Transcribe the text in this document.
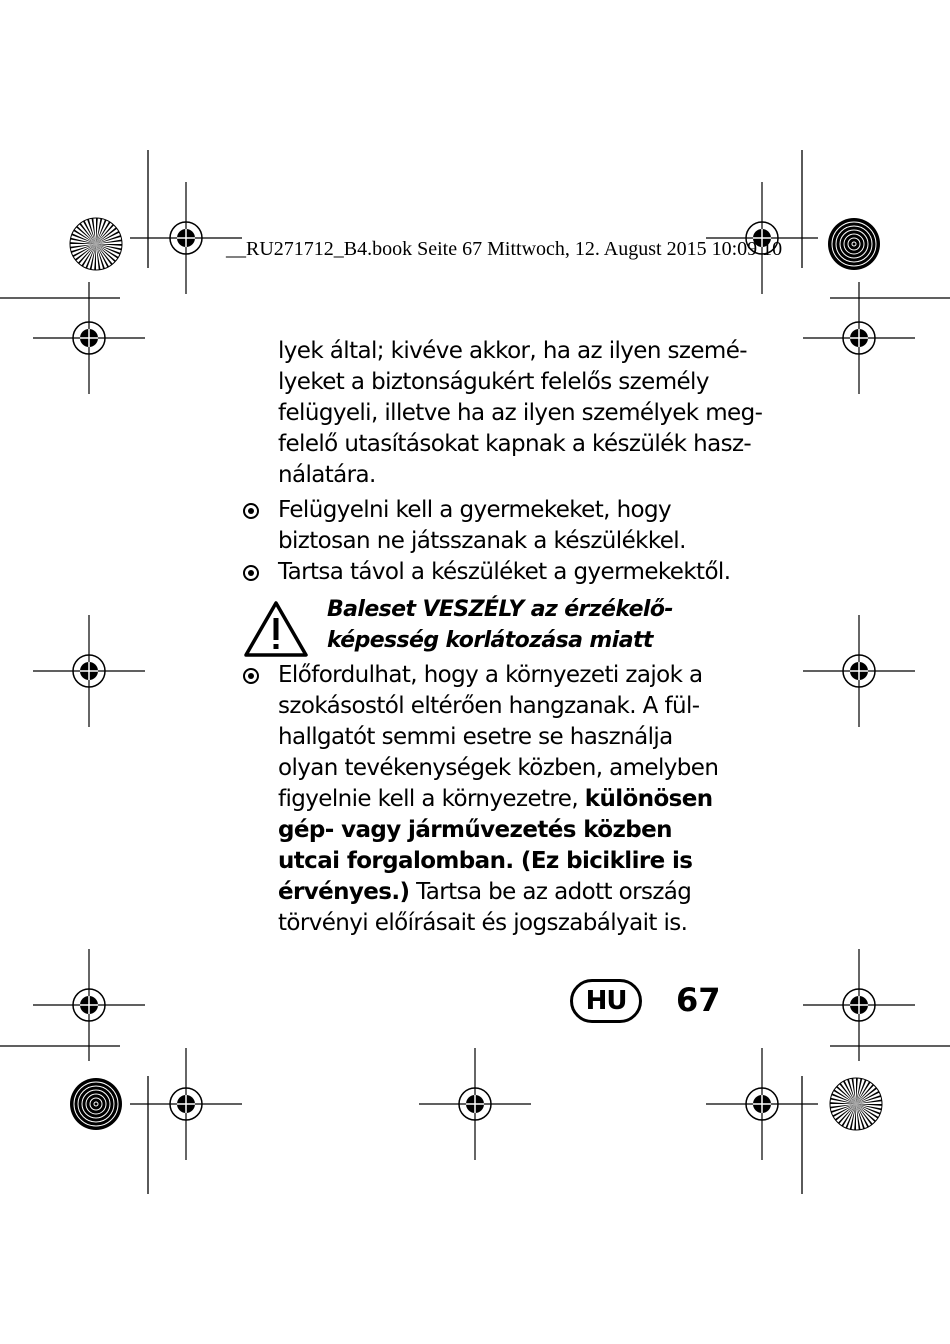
__RU271712_B4.book Seite 67 Mittwoch, 12. August 2015 10:09 10
lyek által; kivéve akkor, ha az ilyen szemé-
lyeket a biztonságukért felelős személy
felügyeli, illetve ha az ilyen személyek meg-
felelő utasításokat kapnak a készülék hasz-
nálatára.
Felügyelni kell a gyermekeket, hogy
biztosan ne játsszanak a készülékkel.
Tartsa távol a készüléket a gyermekektől.
Baleset VESZÉLY az érzékelő-
képesség korlátozása miatt
Előfordulhat, hogy a környezeti zajok a
szokásostól eltérően hangzanak. A fül-
hallgatót semmi esetre se használja
olyan tevékenységek közben, amelyben
figyelnie kell a környezetre, különösen
gép- vagy járművezetés közben
utcai forgalomban. (Ez biciklire is
érvényes.) Tartsa be az adott ország
törvényi előírásait és jogszabályait is.
HU	67
